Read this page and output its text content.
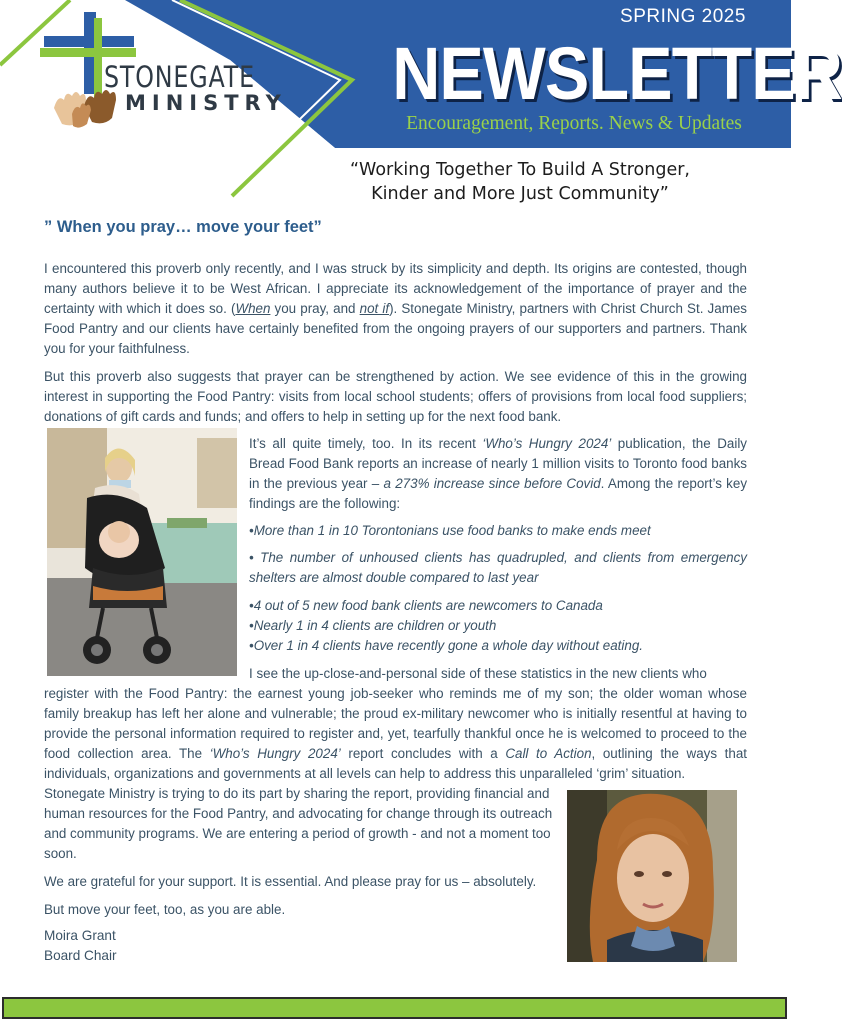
STONEGATE
MINISTRY
SPRING 2025
NEWSLETTER
Encouragement, Reports. News & Updates
“Working Together To Build A Stronger,
Kinder and More Just Community”
” When you pray… move your feet”

I encountered this proverb only recently, and I was struck by its simplicity and depth. Its origins are contested, though many authors believe it to be West African. I appreciate its acknowledgement of the importance of prayer and the certainty with which it does so. (When you pray, and not if). Stonegate Ministry, partners with Christ Church St. James Food Pantry and our clients have certainly benefited from the ongoing prayers of our supporters and partners. Thank you for your faithfulness.

But this proverb also suggests that prayer can be strengthened by action. We see evidence of this in the growing interest in supporting the Food Pantry: visits from local school students; offers of provisions from local food suppliers; donations of gift cards and funds; and offers to help in setting up for the next food bank.

It’s all quite timely, too. In its recent ‘Who’s Hungry 2024’ publication, the Daily Bread Food Bank reports an increase of nearly 1 million visits to Toronto food banks in the previous year – a 273% increase since before Covid. Among the report’s key findings are the following:

•More than 1 in 10 Torontonians use food banks to make ends meet
• The number of unhoused clients has quadrupled, and clients from emergency shelters are almost double compared to last year
•4 out of 5 new food bank clients are newcomers to Canada
•Nearly 1 in 4 clients are children or youth
•Over 1 in 4 clients have recently gone a whole day without eating.

I see the up-close-and-personal side of these statistics in the new clients who

register with the Food Pantry: the earnest young job-seeker who reminds me of my son; the older woman whose family breakup has left her alone and vulnerable; the proud ex-military newcomer who is initially resentful at having to provide the personal information required to register and, yet, tearfully thankful once he is welcomed to proceed to the food collection area. The ‘Who’s Hungry 2024’ report concludes with a Call to Action, outlining the ways that individuals, organizations and governments at all levels can help to address this unparalleled ‘grim’ situation.

Stonegate Ministry is trying to do its part by sharing the report, providing financial and human resources for the Food Pantry, and advocating for change through its outreach and community programs. We are entering a period of growth - and not a moment too soon.

We are grateful for your support. It is essential. And please pray for us – absolutely.

But move your feet, too, as you are able.

Moira Grant
Board Chair
